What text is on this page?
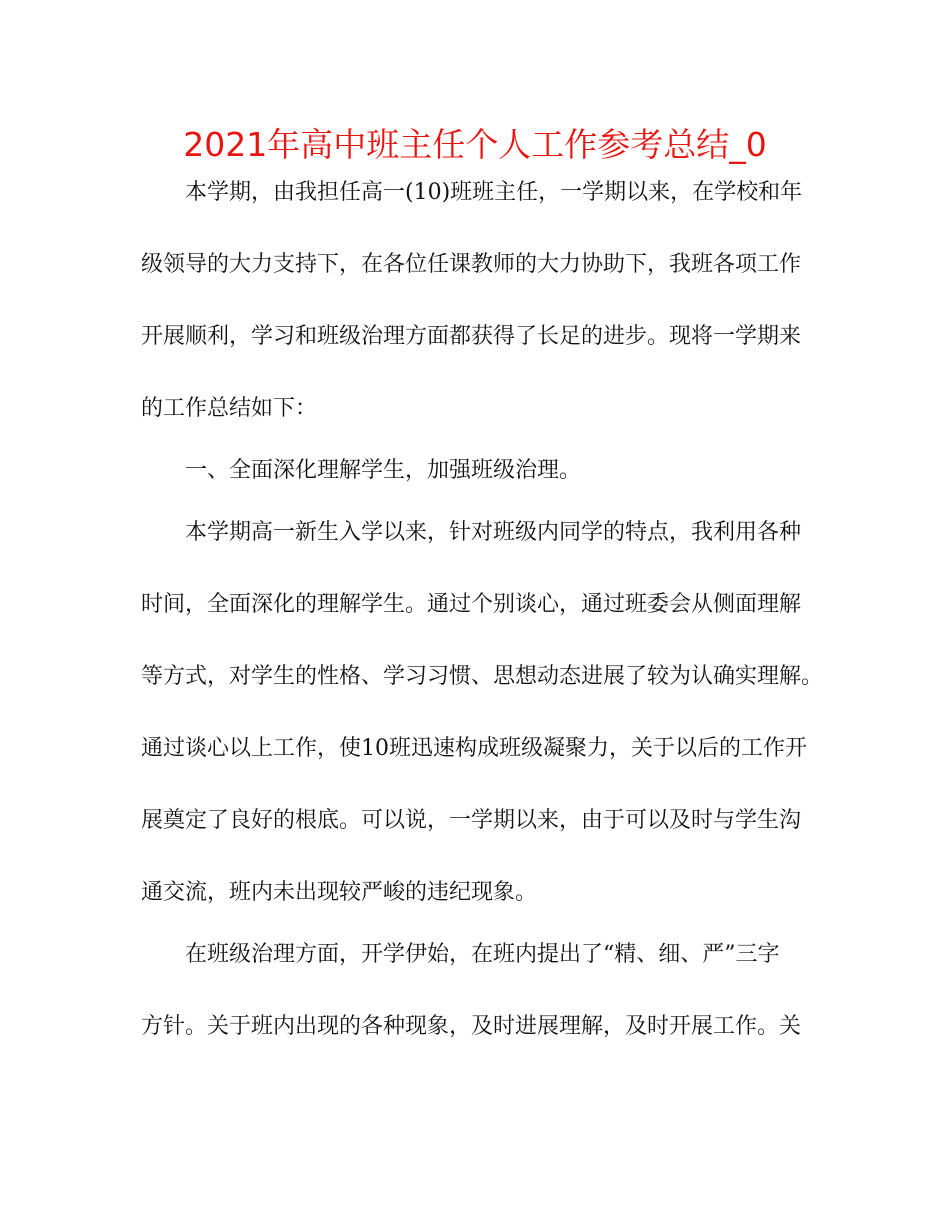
2021年高中班主任个人工作参考总结_0
本学期，由我担任高一(10)班班主任，一学期以来，在学校和年
级领导的大力支持下，在各位任课教师的大力协助下，我班各项工作
开展顺利，学习和班级治理方面都获得了长足的进步。现将一学期来
的工作总结如下：
一、全面深化理解学生，加强班级治理。
本学期高一新生入学以来，针对班级内同学的特点，我利用各种
时间，全面深化的理解学生。通过个别谈心，通过班委会从侧面理解
等方式，对学生的性格、学习习惯、思想动态进展了较为认确实理解。
通过谈心以上工作，使10班迅速构成班级凝聚力，关于以后的工作开
展奠定了良好的根底。可以说，一学期以来，由于可以及时与学生沟
通交流，班内未出现较严峻的违纪现象。
在班级治理方面，开学伊始，在班内提出了“精、细、严”三字
方针。关于班内出现的各种现象，及时进展理解，及时开展工作。关
